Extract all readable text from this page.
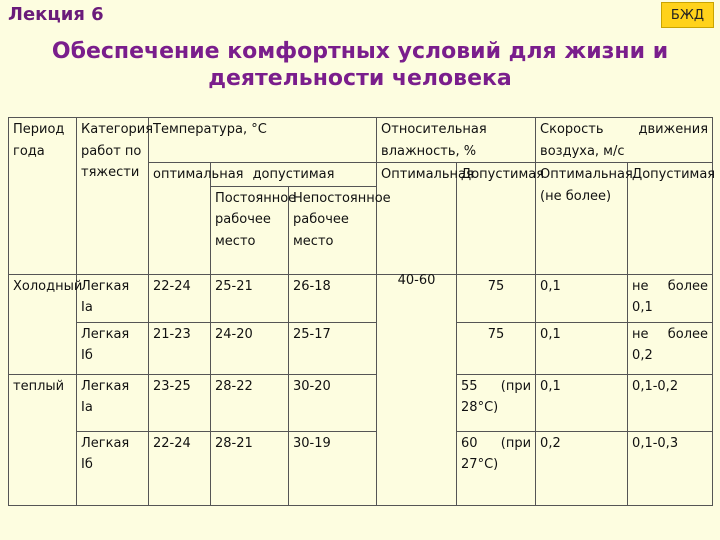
Лекция 6	БЖД
Обеспечение комфортных условий для жизни и
деятельности человека
Период года	Категория работ по тяжести	Температура, °С			Относительная влажность, %		Скорость движения воздуха, м/с	
		оптимальная	допустимая		Оптимальная	Допустимая	Оптимальная (не более)	Допустимая
			Постоянное рабочее место	Непостоянное рабочее место				
Холодный	Легкая Iа	22-24	25-21	26-18	40-60	75	0,1	не более 0,1
	Легкая Iб	21-23	24-20	25-17		75	0,1	не более 0,2
теплый	Легкая Iа	23-25	28-22	30-20		55 (при 28°С)	0,1	0,1-0,2
	Легкая Iб	22-24	28-21	30-19		60 (при 27°С)	0,2	0,1-0,3
